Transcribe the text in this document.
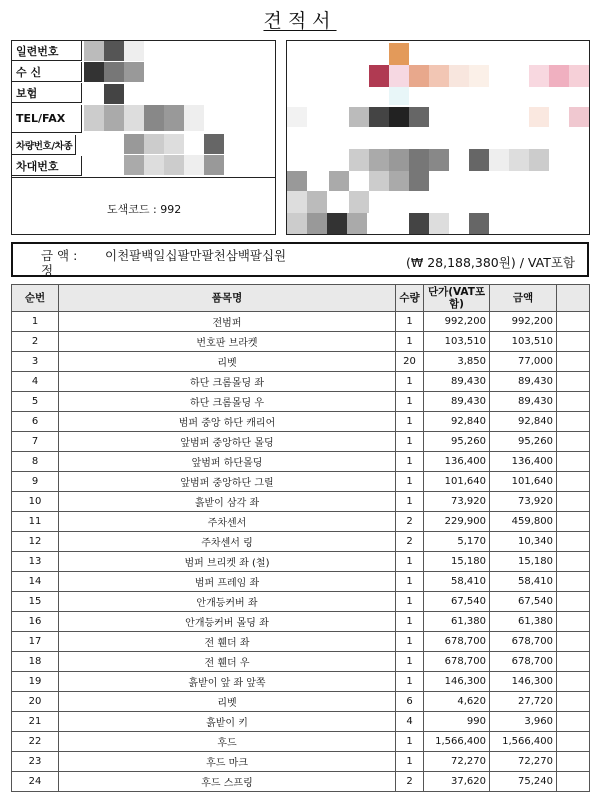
견적서
일련번호
수 신
보험
TEL/FAX
차량번호/차종
차대번호
도색코드 : 992
금 액 :
정
이천팔백일십팔만팔천삼백팔십원	(₩ 28,188,380원) / VAT포함
순번	품목명	수량	단가(VAT포함)	금액	
1	전범퍼	1	992,200	992,200	
2	번호판 브라켓	1	103,510	103,510	
3	리벳	20	3,850	77,000	
4	하단 크롬몰딩 좌	1	89,430	89,430	
5	하단 크롬몰딩 우	1	89,430	89,430	
6	범퍼 중앙 하단 캐리어	1	92,840	92,840	
7	앞범퍼 중앙하단 몰딩	1	95,260	95,260	
8	앞범퍼 하단몰딩	1	136,400	136,400	
9	앞범퍼 중앙하단 그릴	1	101,640	101,640	
10	흙받이 삼각 좌	1	73,920	73,920	
11	주차센서	2	229,900	459,800	
12	주차센서 링	2	5,170	10,340	
13	범퍼 브리켓 좌 (철)	1	15,180	15,180	
14	범퍼 프레임 좌	1	58,410	58,410	
15	안개등커버 좌	1	67,540	67,540	
16	안개등커버 몰딩 좌	1	61,380	61,380	
17	전 휀더 좌	1	678,700	678,700	
18	전 휀더 우	1	678,700	678,700	
19	흙받이 앞 좌 앞쪽	1	146,300	146,300	
20	리벳	6	4,620	27,720	
21	흙받이 키	4	990	3,960	
22	후드	1	1,566,400	1,566,400	
23	후드 마크	1	72,270	72,270	
24	후드 스프링	2	37,620	75,240	
